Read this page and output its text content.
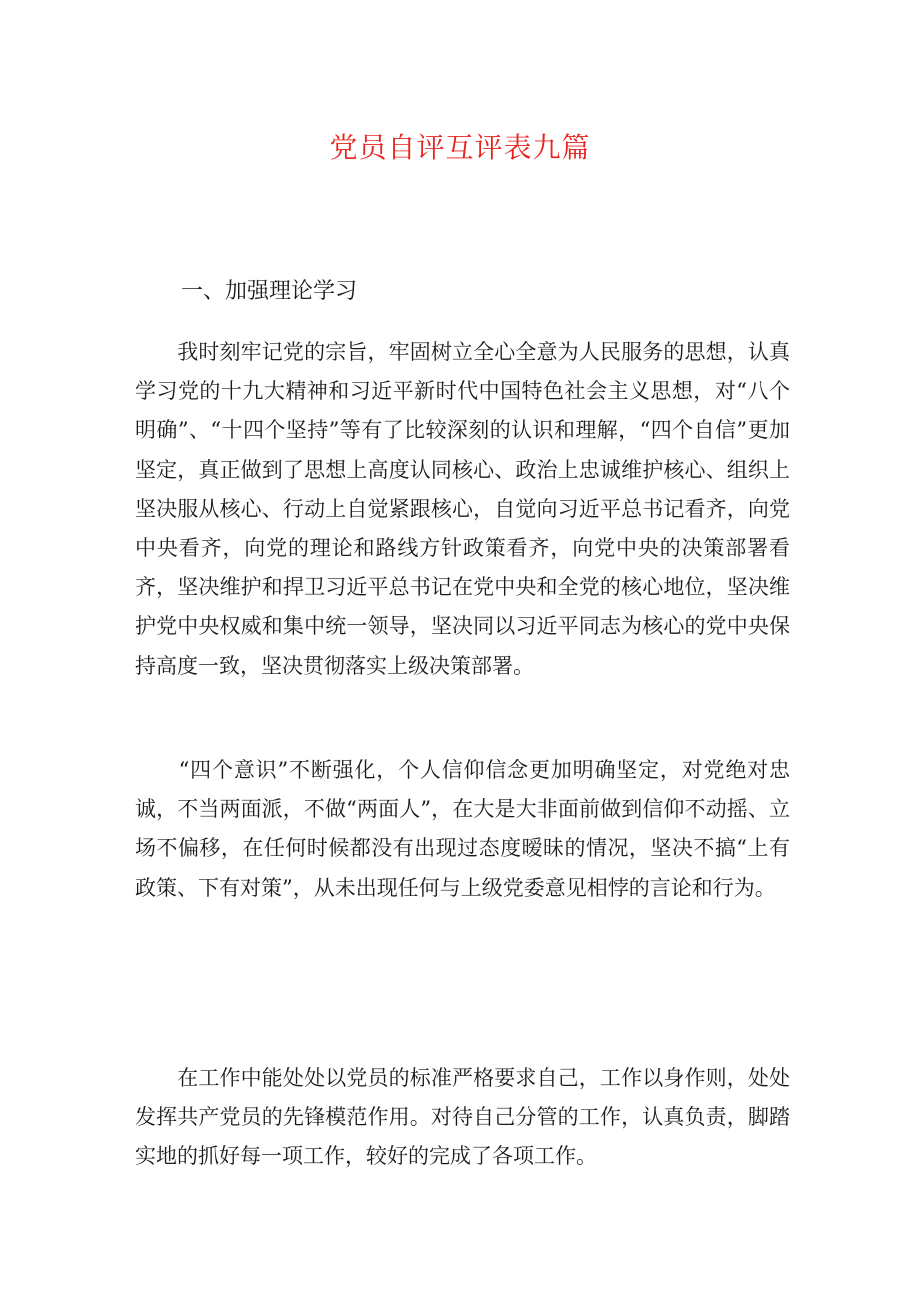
党员自评互评表九篇
一、加强理论学习

　　我时刻牢记党的宗旨，牢固树立全心全意为人民服务的思想，认真学习党的十九大精神和习近平新时代中国特色社会主义思想，对“八个明确”、“十四个坚持”等有了比较深刻的认识和理解，“四个自信”更加坚定，真正做到了思想上高度认同核心、政治上忠诚维护核心、组织上坚决服从核心、行动上自觉紧跟核心，自觉向习近平总书记看齐，向党中央看齐，向党的理论和路线方针政策看齐，向党中央的决策部署看齐，坚决维护和捍卫习近平总书记在党中央和全党的核心地位，坚决维护党中央权威和集中统一领导，坚决同以习近平同志为核心的党中央保持高度一致，坚决贯彻落实上级决策部署。

　　“四个意识”不断强化，个人信仰信念更加明确坚定，对党绝对忠诚，不当两面派，不做“两面人”，在大是大非面前做到信仰不动摇、立场不偏移，在任何时候都没有出现过态度暧昧的情况，坚决不搞“上有政策、下有对策”，从未出现任何与上级党委意见相悖的言论和行为。

　　在工作中能处处以党员的标准严格要求自己，工作以身作则，处处发挥共产党员的先锋模范作用。对待自己分管的工作，认真负责，脚踏实地的抓好每一项工作，较好的完成了各项工作。
